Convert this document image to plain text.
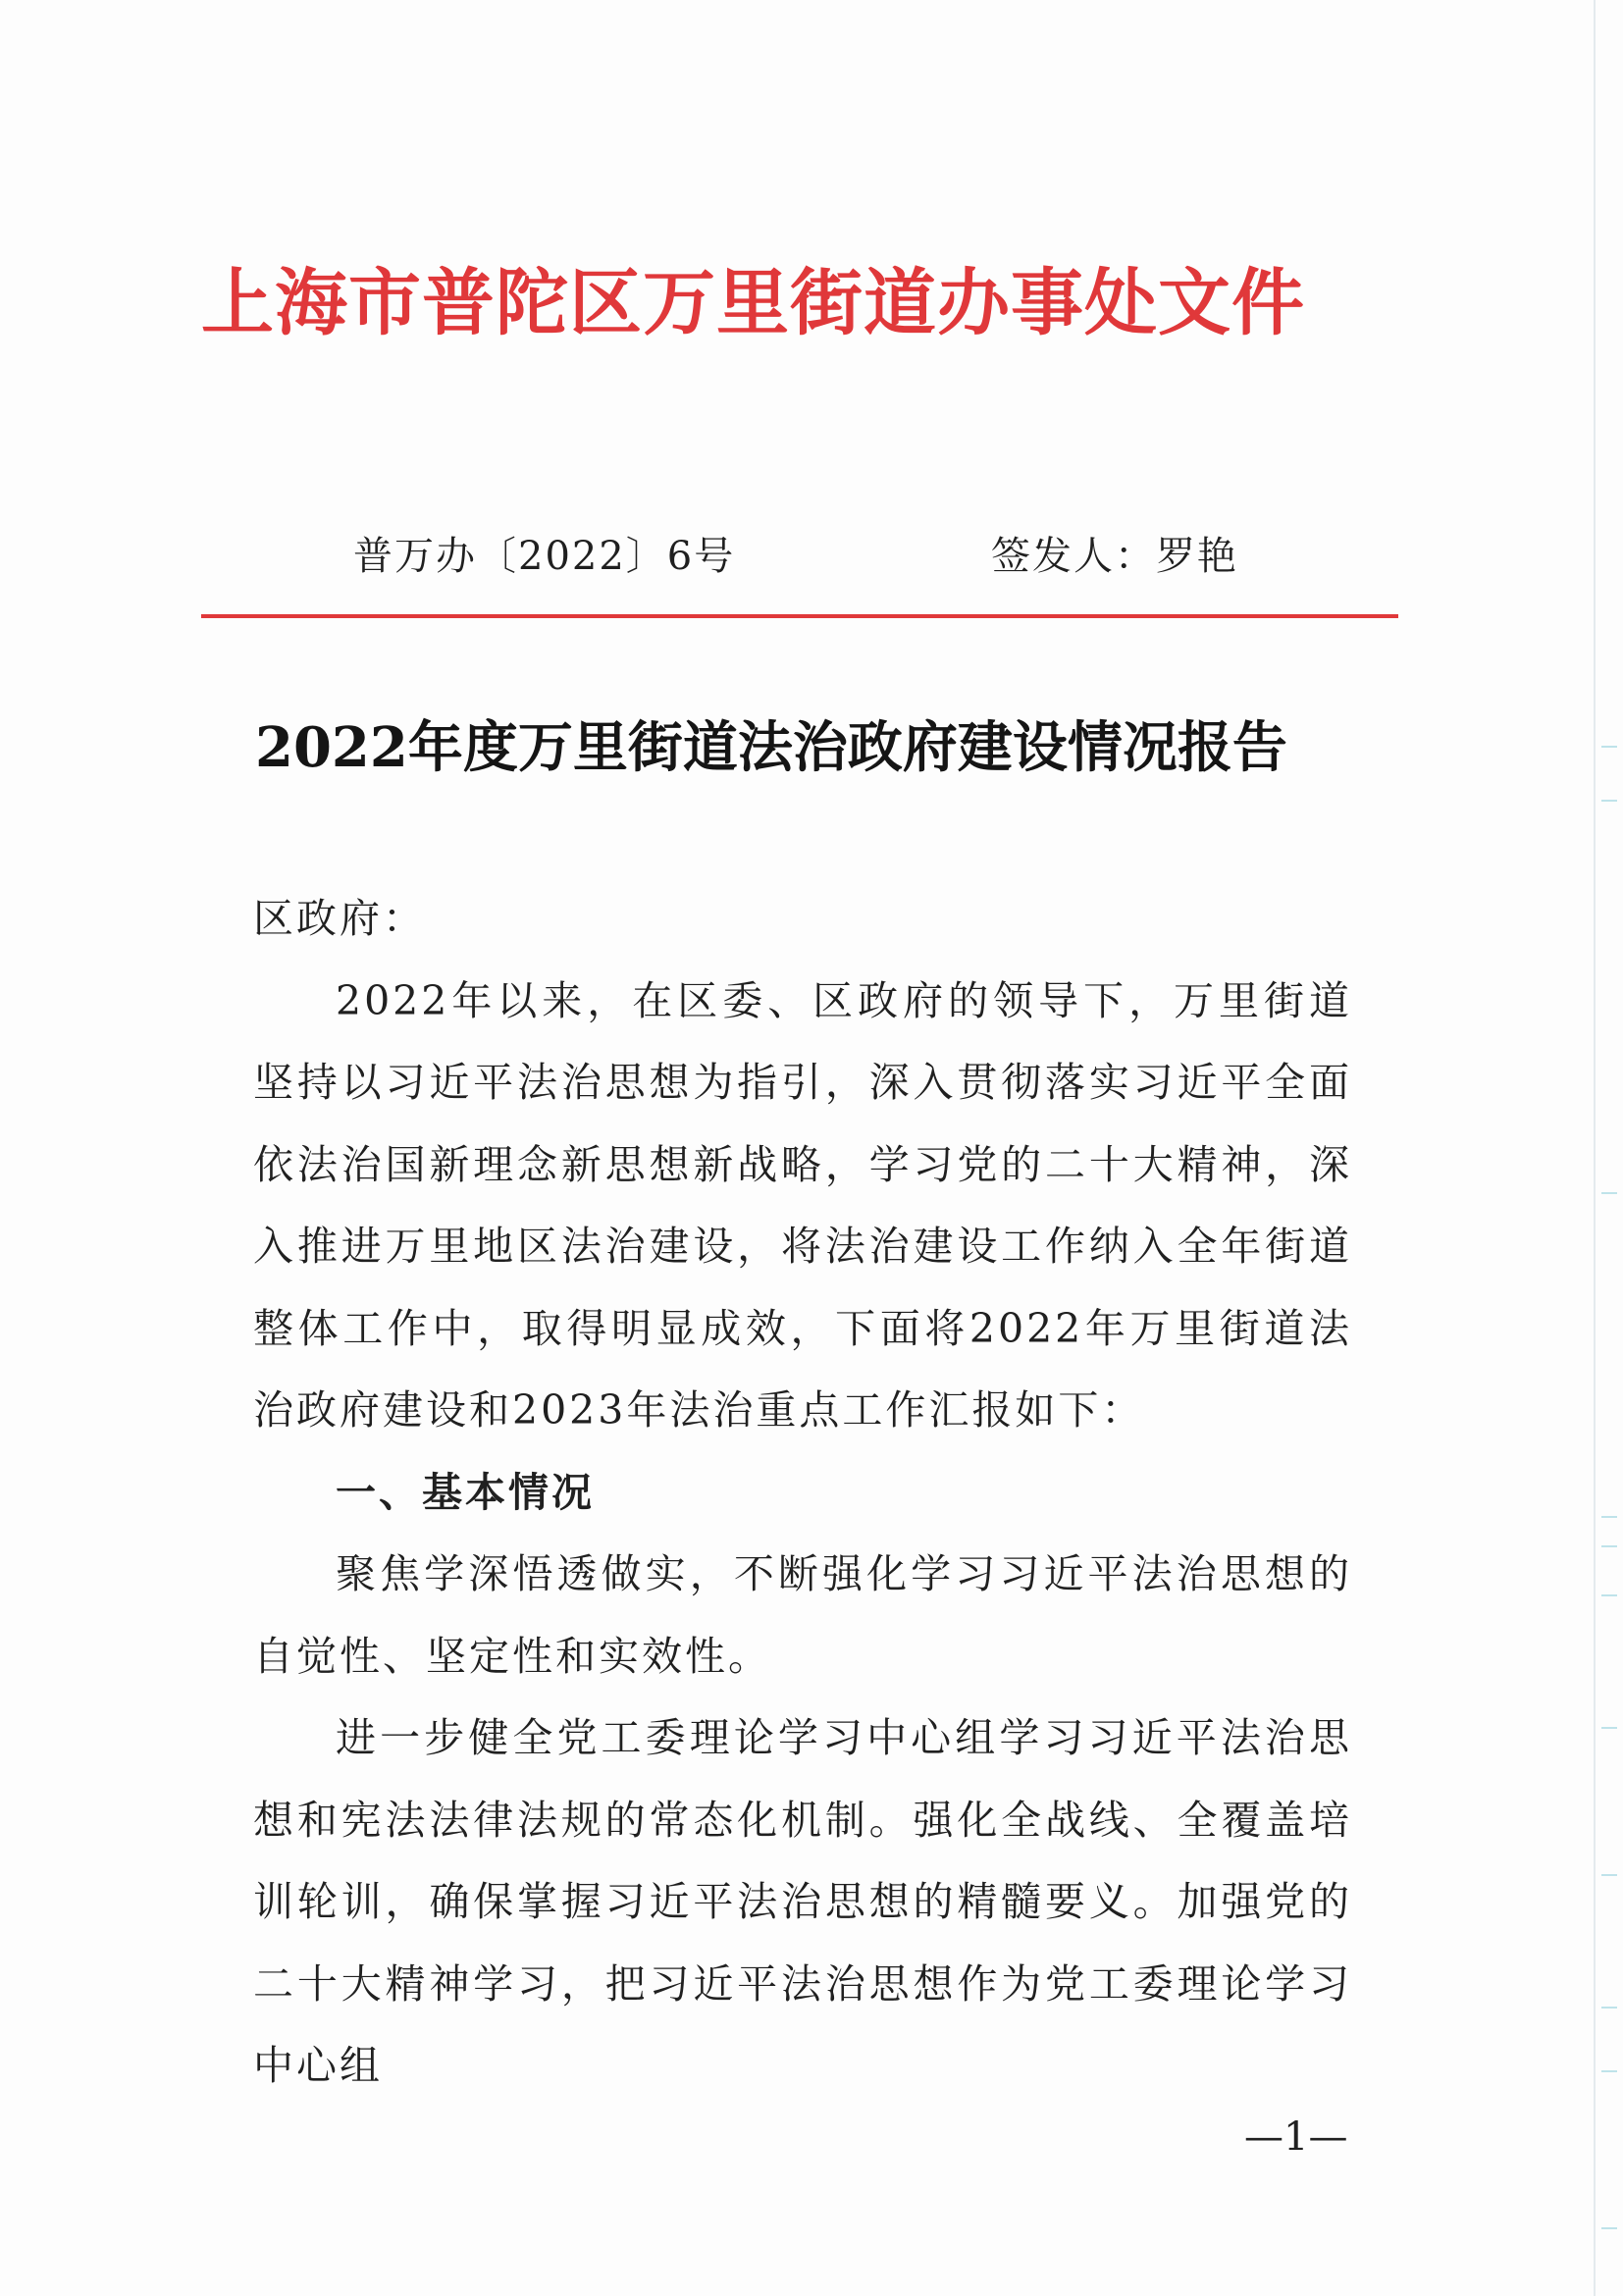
上海市普陀区万里街道办事处文件
普万办〔2022〕6号	签发人：罗艳
2022年度万里街道法治政府建设情况报告

区政府：

2022年以来，在区委、区政府的领导下，万里街道坚持以习近平法治思想为指引，深入贯彻落实习近平全面依法治国新理念新思想新战略，学习党的二十大精神，深入推进万里地区法治建设，将法治建设工作纳入全年街道整体工作中，取得明显成效，下面将2022年万里街道法治政府建设和2023年法治重点工作汇报如下：

一、基本情况

聚焦学深悟透做实，不断强化学习习近平法治思想的自觉性、坚定性和实效性。

进一步健全党工委理论学习中心组学习习近平法治思想和宪法法律法规的常态化机制。强化全战线、全覆盖培训轮训，确保掌握习近平法治思想的精髓要义。加强党的二十大精神学习，把习近平法治思想作为党工委理论学习中心组

—1—
